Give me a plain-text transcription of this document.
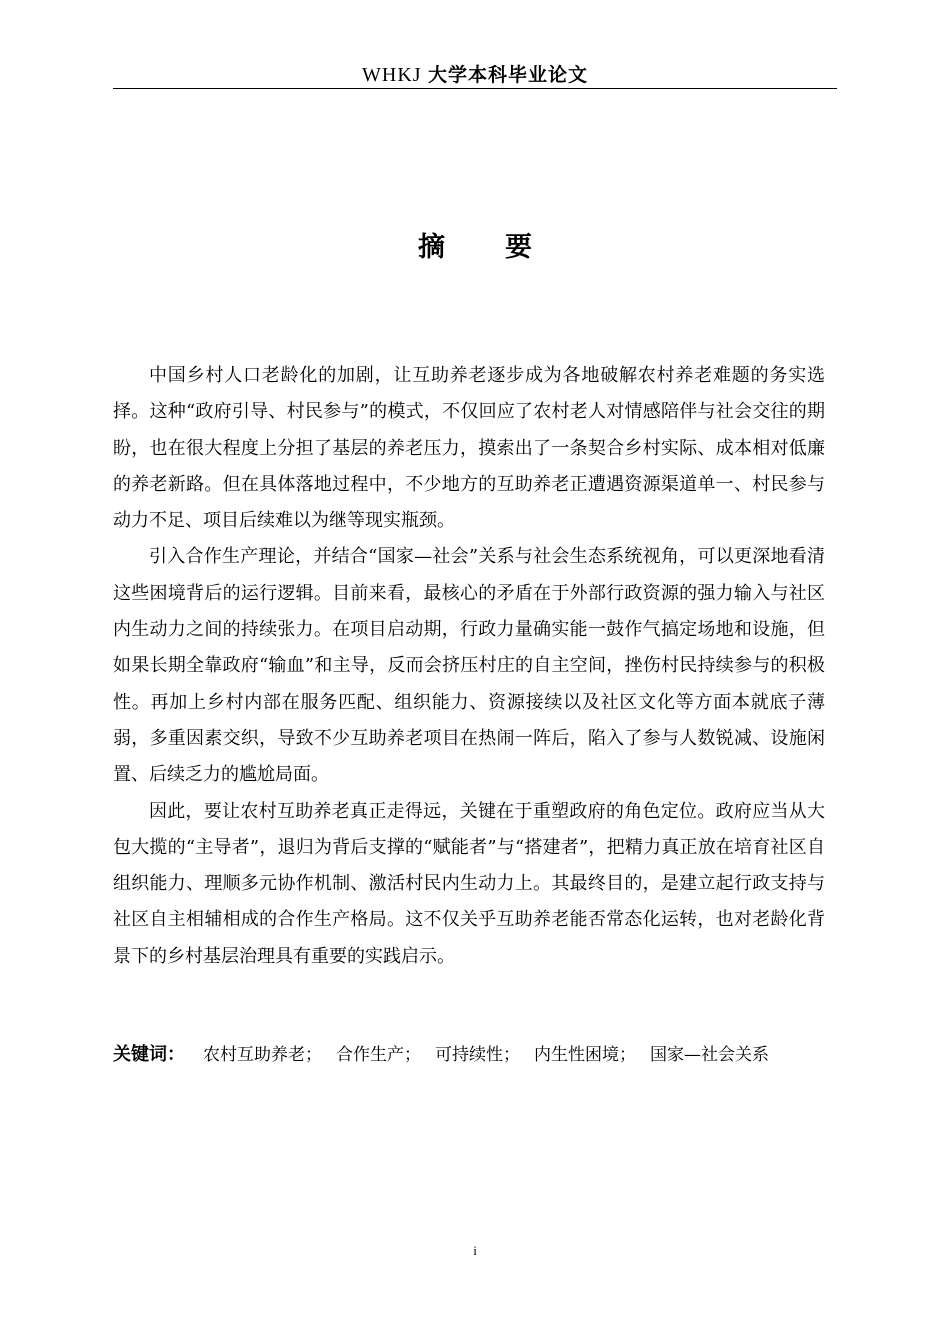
WHKJ 大学本科毕业论文
摘要

中国乡村人口老龄化的加剧，让互助养老逐步成为各地破解农村养老难题的务实选择。这种“政府引导、村民参与”的模式，不仅回应了农村老人对情感陪伴与社会交往的期盼，也在很大程度上分担了基层的养老压力，摸索出了一条契合乡村实际、成本相对低廉的养老新路。但在具体落地过程中，不少地方的互助养老正遭遇资源渠道单一、村民参与动力不足、项目后续难以为继等现实瓶颈。

引入合作生产理论，并结合“国家—社会”关系与社会生态系统视角，可以更深地看清这些困境背后的运行逻辑。目前来看，最核心的矛盾在于外部行政资源的强力输入与社区内生动力之间的持续张力。在项目启动期，行政力量确实能一鼓作气搞定场地和设施，但如果长期全靠政府“输血”和主导，反而会挤压村庄的自主空间，挫伤村民持续参与的积极性。再加上乡村内部在服务匹配、组织能力、资源接续以及社区文化等方面本就底子薄弱，多重因素交织，导致不少互助养老项目在热闹一阵后，陷入了参与人数锐减、设施闲置、后续乏力的尴尬局面。

因此，要让农村互助养老真正走得远，关键在于重塑政府的角色定位。政府应当从大包大揽的“主导者”，退归为背后支撑的“赋能者”与“搭建者”，把精力真正放在培育社区自组织能力、理顺多元协作机制、激活村民内生动力上。其最终目的，是建立起行政支持与社区自主相辅相成的合作生产格局。这不仅关乎互助养老能否常态化运转，也对老龄化背景下的乡村基层治理具有重要的实践启示。

关键词： 农村互助养老； 合作生产； 可持续性； 内生性困境； 国家—社会关系
i
